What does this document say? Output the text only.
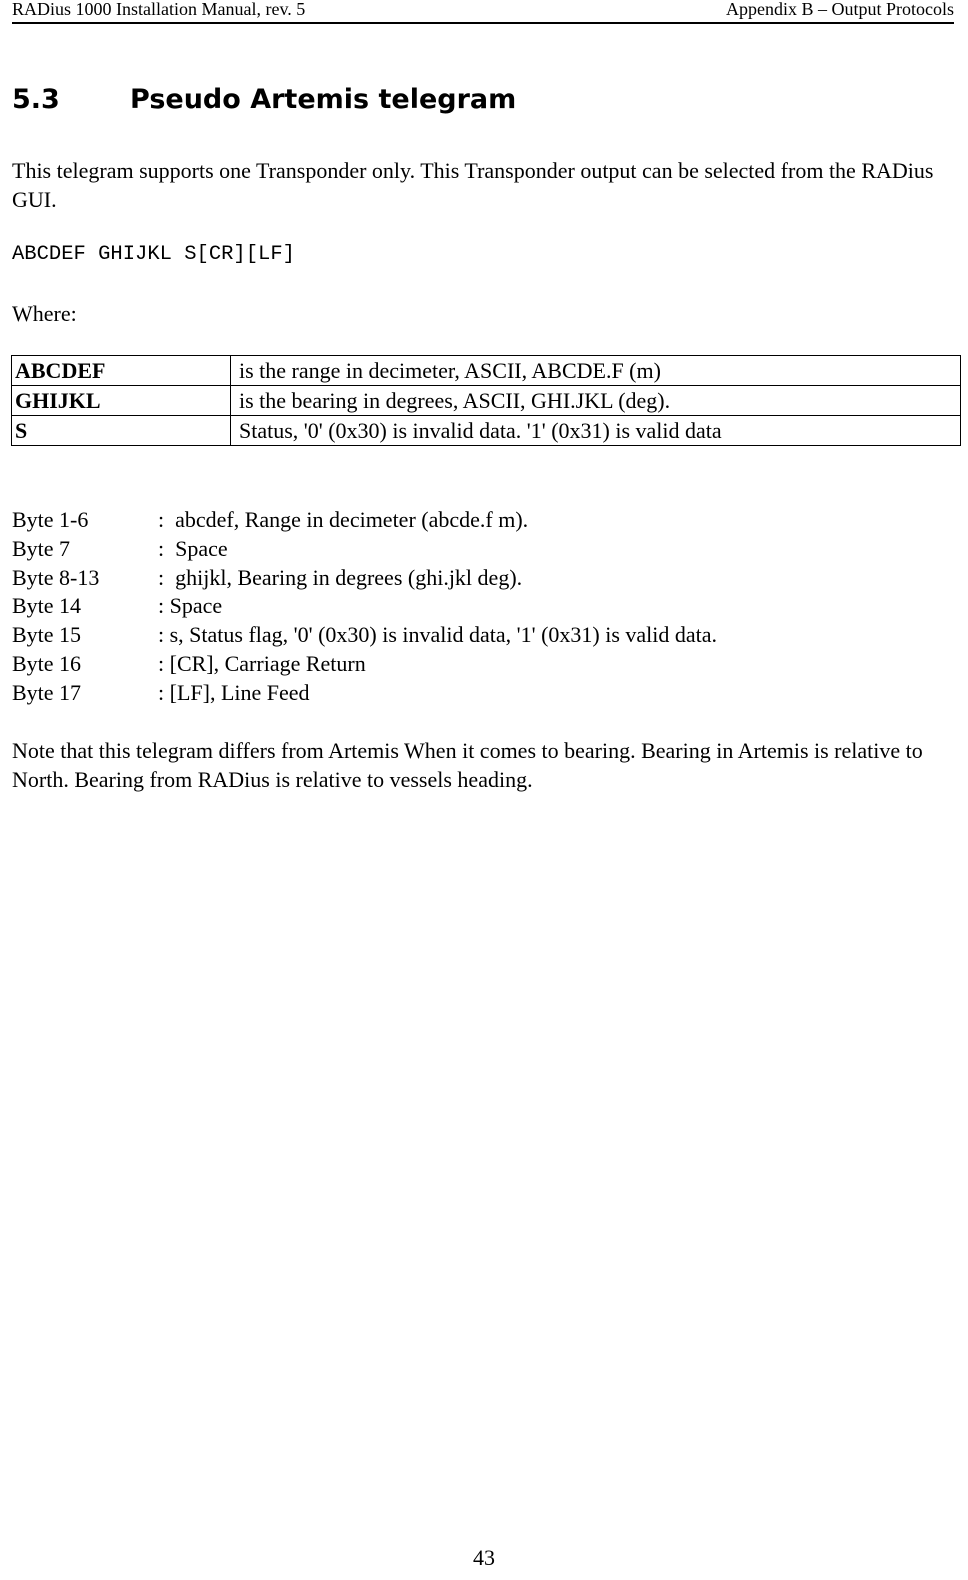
RADius 1000 Installation Manual, rev. 5	Appendix B – Output Protocols
5.3	Pseudo Artemis telegram

This telegram supports one Transponder only. This Transponder output can be selected from the RADius GUI.

ABCDEF GHIJKL S[CR][LF]

Where:

ABCDEF	is the range in decimeter, ASCII, ABCDE.F (m)
GHIJKL	is the bearing in degrees, ASCII, GHI.JKL (deg).
S	Status, '0' (0x30) is invalid data. '1' (0x31) is valid data
Byte 1-6	:  abcdef, Range in decimeter (abcde.f m).
Byte 7	:  Space
Byte 8-13	:  ghijkl, Bearing in degrees (ghi.jkl deg).
Byte 14	: Space
Byte 15	: s, Status flag, '0' (0x30) is invalid data, '1' (0x31) is valid data.
Byte 16	: [CR], Carriage Return
Byte 17	: [LF], Line Feed

Note that this telegram differs from Artemis When it comes to bearing. Bearing in Artemis is relative to North. Bearing from RADius is relative to vessels heading.

43
